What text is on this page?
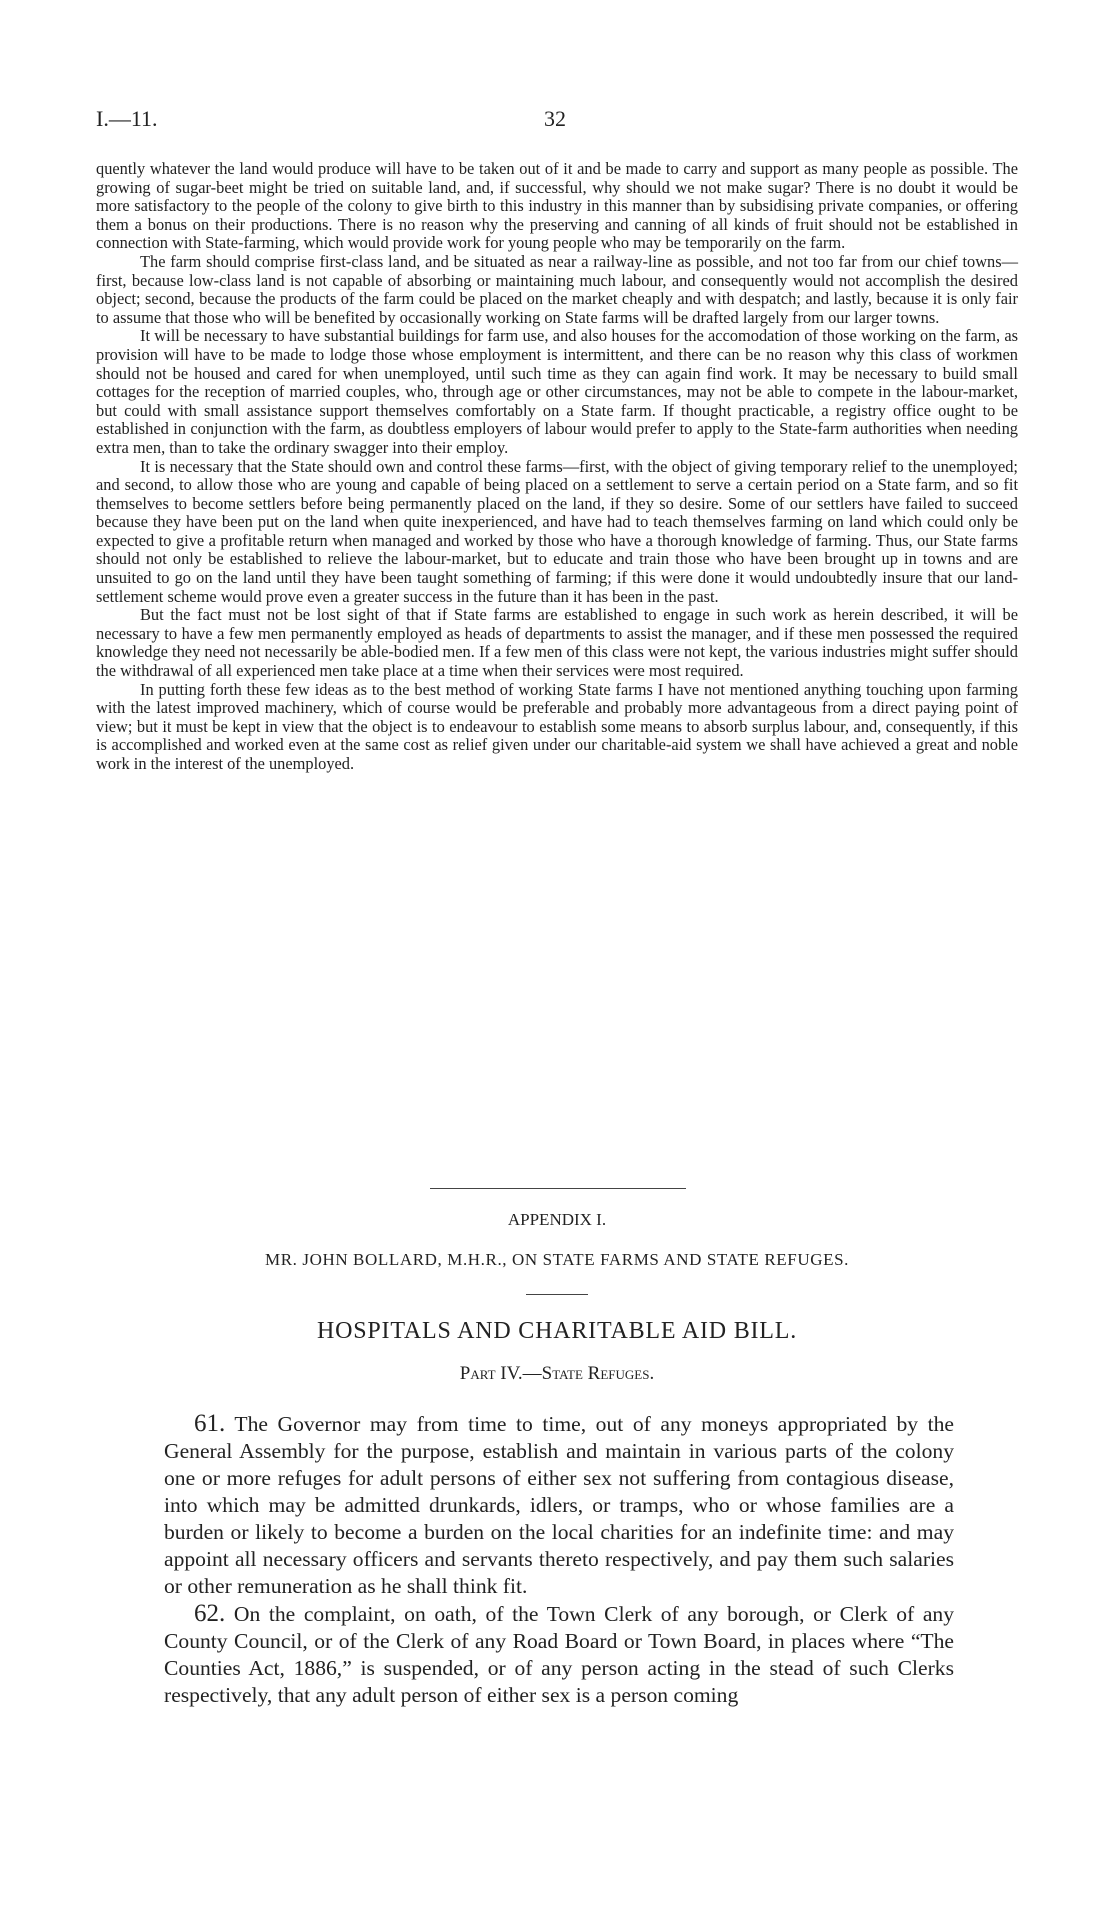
I.—11.	32

quently whatever the land would produce will have to be taken out of it and be made to carry and support as many people as possible. The growing of sugar-beet might be tried on suitable land, and, if successful, why should we not make sugar? There is no doubt it would be more satisfactory to the people of the colony to give birth to this industry in this manner than by subsidising private companies, or offering them a bonus on their productions. There is no reason why the preserving and canning of all kinds of fruit should not be established in connection with State-farming, which would provide work for young people who may be temporarily on the farm.

The farm should comprise first-class land, and be situated as near a railway-line as possible, and not too far from our chief towns—first, because low-class land is not capable of absorbing or maintaining much labour, and consequently would not accomplish the desired object; second, because the products of the farm could be placed on the market cheaply and with despatch; and lastly, because it is only fair to assume that those who will be benefited by occasionally working on State farms will be drafted largely from our larger towns.

It will be necessary to have substantial buildings for farm use, and also houses for the accomodation of those working on the farm, as provision will have to be made to lodge those whose employment is intermittent, and there can be no reason why this class of workmen should not be housed and cared for when unemployed, until such time as they can again find work. It may be necessary to build small cottages for the reception of married couples, who, through age or other circumstances, may not be able to compete in the labour-market, but could with small assistance support themselves comfortably on a State farm. If thought practicable, a registry office ought to be established in conjunction with the farm, as doubtless employers of labour would prefer to apply to the State-farm authorities when needing extra men, than to take the ordinary swagger into their employ.

It is necessary that the State should own and control these farms—first, with the object of giving temporary relief to the unemployed; and second, to allow those who are young and capable of being placed on a settlement to serve a certain period on a State farm, and so fit themselves to become settlers before being permanently placed on the land, if they so desire. Some of our settlers have failed to succeed because they have been put on the land when quite inexperienced, and have had to teach themselves farming on land which could only be expected to give a profitable return when managed and worked by those who have a thorough knowledge of farming. Thus, our State farms should not only be established to relieve the labour-market, but to educate and train those who have been brought up in towns and are unsuited to go on the land until they have been taught something of farming; if this were done it would undoubtedly insure that our land-settlement scheme would prove even a greater success in the future than it has been in the past.

But the fact must not be lost sight of that if State farms are established to engage in such work as herein described, it will be necessary to have a few men permanently employed as heads of departments to assist the manager, and if these men possessed the required knowledge they need not necessarily be able-bodied men. If a few men of this class were not kept, the various industries might suffer should the withdrawal of all experienced men take place at a time when their services were most required.

In putting forth these few ideas as to the best method of working State farms I have not mentioned anything touching upon farming with the latest improved machinery, which of course would be preferable and probably more advantageous from a direct paying point of view; but it must be kept in view that the object is to endeavour to establish some means to absorb surplus labour, and, consequently, if this is accomplished and worked even at the same cost as relief given under our charitable-aid system we shall have achieved a great and noble work in the interest of the unemployed.

APPENDIX I.
MR. JOHN BOLLARD, M.H.R., ON STATE FARMS AND STATE REFUGES.
HOSPITALS AND CHARITABLE AID BILL.
Part IV.—State Refuges.

61. The Governor may from time to time, out of any moneys appropriated by the General Assembly for the purpose, establish and maintain in various parts of the colony one or more refuges for adult persons of either sex not suffering from contagious disease, into which may be admitted drunkards, idlers, or tramps, who or whose families are a burden or likely to become a burden on the local charities for an indefinite time: and may appoint all necessary officers and servants thereto respectively, and pay them such salaries or other remuneration as he shall think fit.

62. On the complaint, on oath, of the Town Clerk of any borough, or Clerk of any County Council, or of the Clerk of any Road Board or Town Board, in places where “The Counties Act, 1886,” is suspended, or of any person acting in the stead of such Clerks respectively, that any adult person of either sex is a person coming
